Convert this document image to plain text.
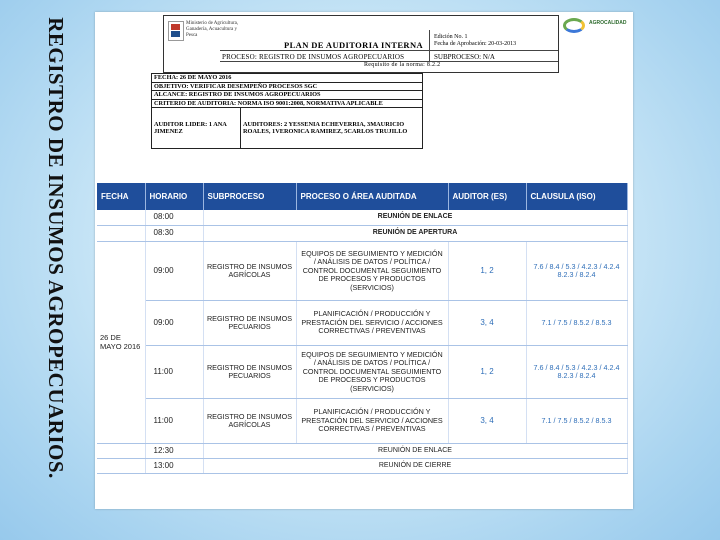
REGISTRO DE INSUMOS AGROPECUARIOS.	Ministerio de Agricultura, Ganadería, Acuacultura y Pesca
PLAN DE AUDITORIA INTERNA
PROCESO: REGISTRO DE INSUMOS AGROPECUARIOS
Edición No. 1
Fecha de Aprobación: 20-03-2013
SUBPROCESO: N/A
Requisito de la norma: 8.2.2
AGROCALIDAD
FECHA: 26 DE MAYO 2016
OBJETIVO: VERIFICAR DESEMPEÑO PROCESOS SGC
ALCANCE: REGISTRO DE INSUMOS AGROPECUARIOS
CRITERIO DE AUDITORIA: NORMA ISO 9001:2008, NORMATIVA APLICABLE
AUDITOR LIDER: 1 ANA JIMENEZ	AUDITORES: 2 YESSENIA ECHEVERRIA, 3MAURICIO ROALES, 1VERONICA RAMIREZ, 5CARLOS TRUJILLO
FECHA	HORARIO	SUBPROCESO	PROCESO O ÁREA AUDITADA	AUDITOR (ES)	CLAUSULA (ISO)
	08:00	REUNIÓN DE ENLACE			
	08:30	REUNIÓN DE APERTURA			
26 DE MAYO 2016	09:00	REGISTRO DE INSUMOS AGRÍCOLAS	EQUIPOS DE SEGUIMIENTO Y MEDICIÓN / ANÁLISIS DE DATOS / POLÍTICA / CONTROL DOCUMENTAL SEGUIMIENTO DE PROCESOS Y PRODUCTOS (SERVICIOS)	1, 2	7.6 / 8.4 / 5.3 / 4.2.3 / 4.2.4 8.2.3 / 8.2.4
	09:00	REGISTRO DE INSUMOS PECUARIOS	PLANIFICACIÓN / PRODUCCIÓN Y PRESTACIÓN DEL SERVICIO / ACCIONES CORRECTIVAS / PREVENTIVAS	3, 4	7.1 / 7.5 / 8.5.2 / 8.5.3
	11:00	REGISTRO DE INSUMOS PECUARIOS	EQUIPOS DE SEGUIMIENTO Y MEDICIÓN / ANÁLISIS DE DATOS / POLÍTICA / CONTROL DOCUMENTAL SEGUIMIENTO DE PROCESOS Y PRODUCTOS (SERVICIOS)	1, 2	7.6 / 8.4 / 5.3 / 4.2.3 / 4.2.4 8.2.3 / 8.2.4
	11:00	REGISTRO DE INSUMOS AGRÍCOLAS	PLANIFICACIÓN / PRODUCCIÓN Y PRESTACIÓN DEL SERVICIO / ACCIONES CORRECTIVAS / PREVENTIVAS	3, 4	7.1 / 7.5 / 8.5.2 / 8.5.3
	12:30	REUNIÓN DE ENLACE			
	13:00	REUNIÓN DE CIERRE			
